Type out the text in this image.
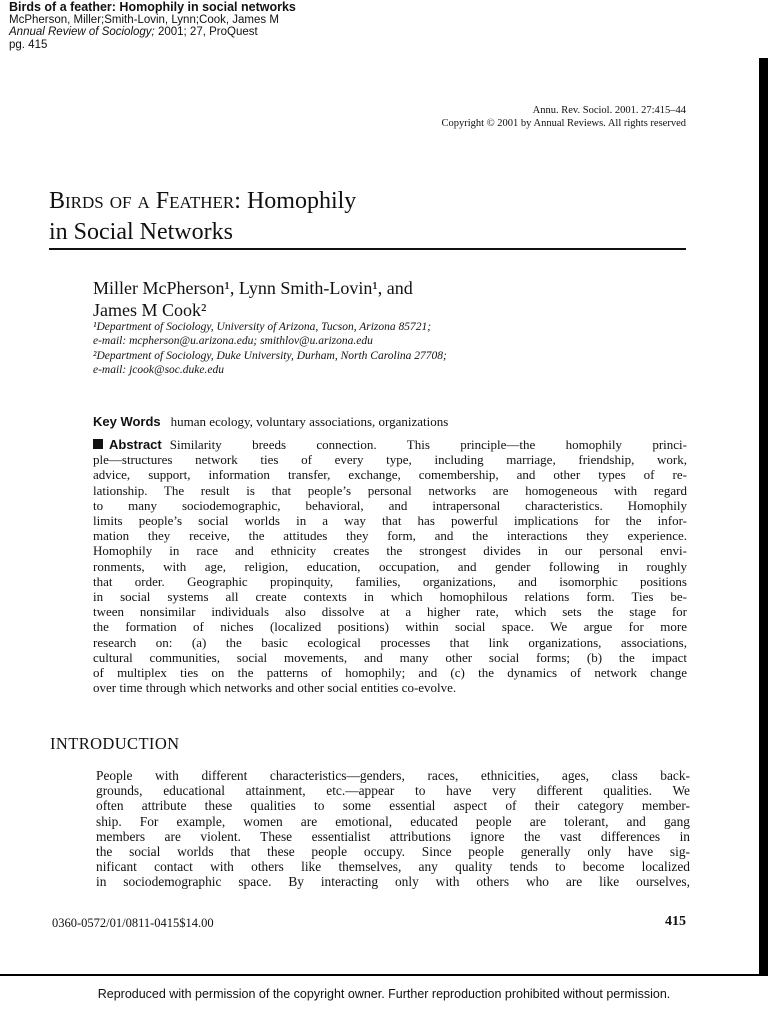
Birds of a feather: Homophily in social networks
McPherson, Miller;Smith-Lovin, Lynn;Cook, James M
Annual Review of Sociology; 2001; 27, ProQuest
pg. 415
Annu. Rev. Sociol. 2001. 27:415–44
Copyright © 2001 by Annual Reviews. All rights reserved
Birds of a Feather: Homophily
in Social Networks
Miller McPherson¹, Lynn Smith-Lovin¹, and
James M Cook²
¹Department of Sociology, University of Arizona, Tucson, Arizona 85721;
e-mail: mcpherson@u.arizona.edu; smithlov@u.arizona.edu
²Department of Sociology, Duke University, Durham, North Carolina 27708;
e-mail: jcook@soc.duke.edu
Key Words human ecology, voluntary associations, organizations
Abstract Similarity breeds connection. This principle—the homophily princi-
ple—structures network ties of every type, including marriage, friendship, work,
advice, support, information transfer, exchange, comembership, and other types of re-
lationship. The result is that people’s personal networks are homogeneous with regard
to many sociodemographic, behavioral, and intrapersonal characteristics. Homophily
limits people’s social worlds in a way that has powerful implications for the infor-
mation they receive, the attitudes they form, and the interactions they experience.
Homophily in race and ethnicity creates the strongest divides in our personal envi-
ronments, with age, religion, education, occupation, and gender following in roughly
that order. Geographic propinquity, families, organizations, and isomorphic positions
in social systems all create contexts in which homophilous relations form. Ties be-
tween nonsimilar individuals also dissolve at a higher rate, which sets the stage for
the formation of niches (localized positions) within social space. We argue for more
research on: (a) the basic ecological processes that link organizations, associations,
cultural communities, social movements, and many other social forms; (b) the impact
of multiplex ties on the patterns of homophily; and (c) the dynamics of network change
over time through which networks and other social entities co-evolve.
INTRODUCTION
People with different characteristics—genders, races, ethnicities, ages, class back-
grounds, educational attainment, etc.—appear to have very different qualities. We
often attribute these qualities to some essential aspect of their category member-
ship. For example, women are emotional, educated people are tolerant, and gang
members are violent. These essentialist attributions ignore the vast differences in
the social worlds that these people occupy. Since people generally only have sig-
nificant contact with others like themselves, any quality tends to become localized
in sociodemographic space. By interacting only with others who are like ourselves,
0360-0572/01/0811-0415$14.00	415
Reproduced with permission of the copyright owner. Further reproduction prohibited without permission.
